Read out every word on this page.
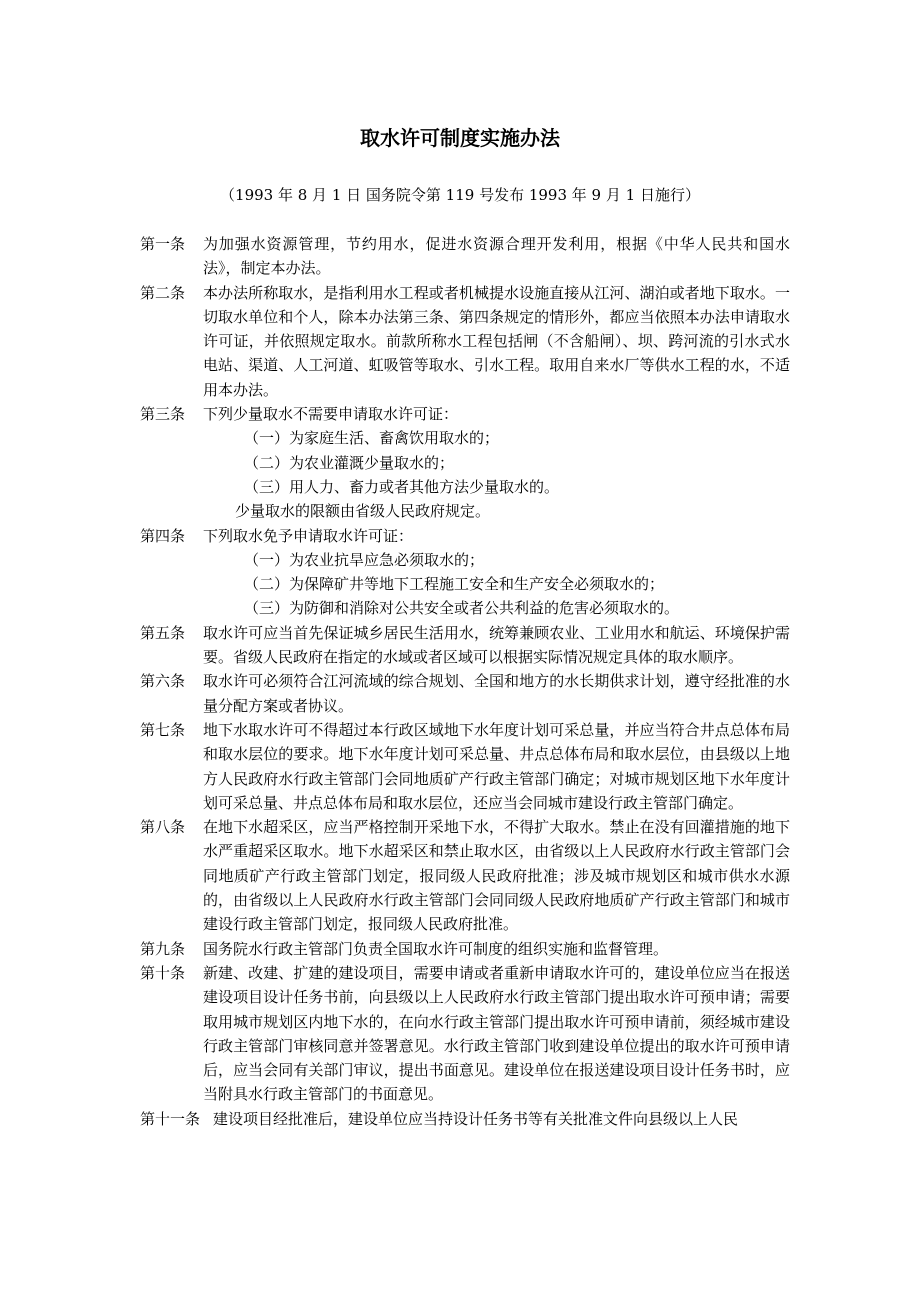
取水许可制度实施办法
（1993 年 8 月 1 日 国务院令第 119 号发布 1993 年 9 月 1 日施行）
第一条 为加强水资源管理，节约用水，促进水资源合理开发利用，根据《中华人民共和国水法》，制定本办法。
第二条 本办法所称取水，是指利用水工程或者机械提水设施直接从江河、湖泊或者地下取水。一切取水单位和个人，除本办法第三条、第四条规定的情形外，都应当依照本办法申请取水许可证，并依照规定取水。前款所称水工程包括闸（不含船闸）、坝、跨河流的引水式水电站、渠道、人工河道、虹吸管等取水、引水工程。取用自来水厂等供水工程的水，不适用本办法。
第三条 下列少量取水不需要申请取水许可证：
（一）为家庭生活、畜禽饮用取水的；
（二）为农业灌溉少量取水的；
（三）用人力、畜力或者其他方法少量取水的。
少量取水的限额由省级人民政府规定。
第四条 下列取水免予申请取水许可证：
（一）为农业抗旱应急必须取水的；
（二）为保障矿井等地下工程施工安全和生产安全必须取水的；
（三）为防御和消除对公共安全或者公共利益的危害必须取水的。
第五条 取水许可应当首先保证城乡居民生活用水，统筹兼顾农业、工业用水和航运、环境保护需要。省级人民政府在指定的水域或者区域可以根据实际情况规定具体的取水顺序。
第六条 取水许可必须符合江河流域的综合规划、全国和地方的水长期供求计划，遵守经批准的水量分配方案或者协议。
第七条 地下水取水许可不得超过本行政区域地下水年度计划可采总量，并应当符合井点总体布局和取水层位的要求。地下水年度计划可采总量、井点总体布局和取水层位，由县级以上地方人民政府水行政主管部门会同地质矿产行政主管部门确定；对城市规划区地下水年度计划可采总量、井点总体布局和取水层位，还应当会同城市建设行政主管部门确定。
第八条 在地下水超采区，应当严格控制开采地下水，不得扩大取水。禁止在没有回灌措施的地下水严重超采区取水。地下水超采区和禁止取水区，由省级以上人民政府水行政主管部门会同地质矿产行政主管部门划定，报同级人民政府批准；涉及城市规划区和城市供水水源的，由省级以上人民政府水行政主管部门会同同级人民政府地质矿产行政主管部门和城市建设行政主管部门划定，报同级人民政府批准。
第九条 国务院水行政主管部门负责全国取水许可制度的组织实施和监督管理。
第十条 新建、改建、扩建的建设项目，需要申请或者重新申请取水许可的，建设单位应当在报送建设项目设计任务书前，向县级以上人民政府水行政主管部门提出取水许可预申请；需要取用城市规划区内地下水的，在向水行政主管部门提出取水许可预申请前，须经城市建设行政主管部门审核同意并签署意见。水行政主管部门收到建设单位提出的取水许可预申请后，应当会同有关部门审议，提出书面意见。建设单位在报送建设项目设计任务书时，应当附具水行政主管部门的书面意见。
第十一条 建设项目经批准后，建设单位应当持设计任务书等有关批准文件向县级以上人民
